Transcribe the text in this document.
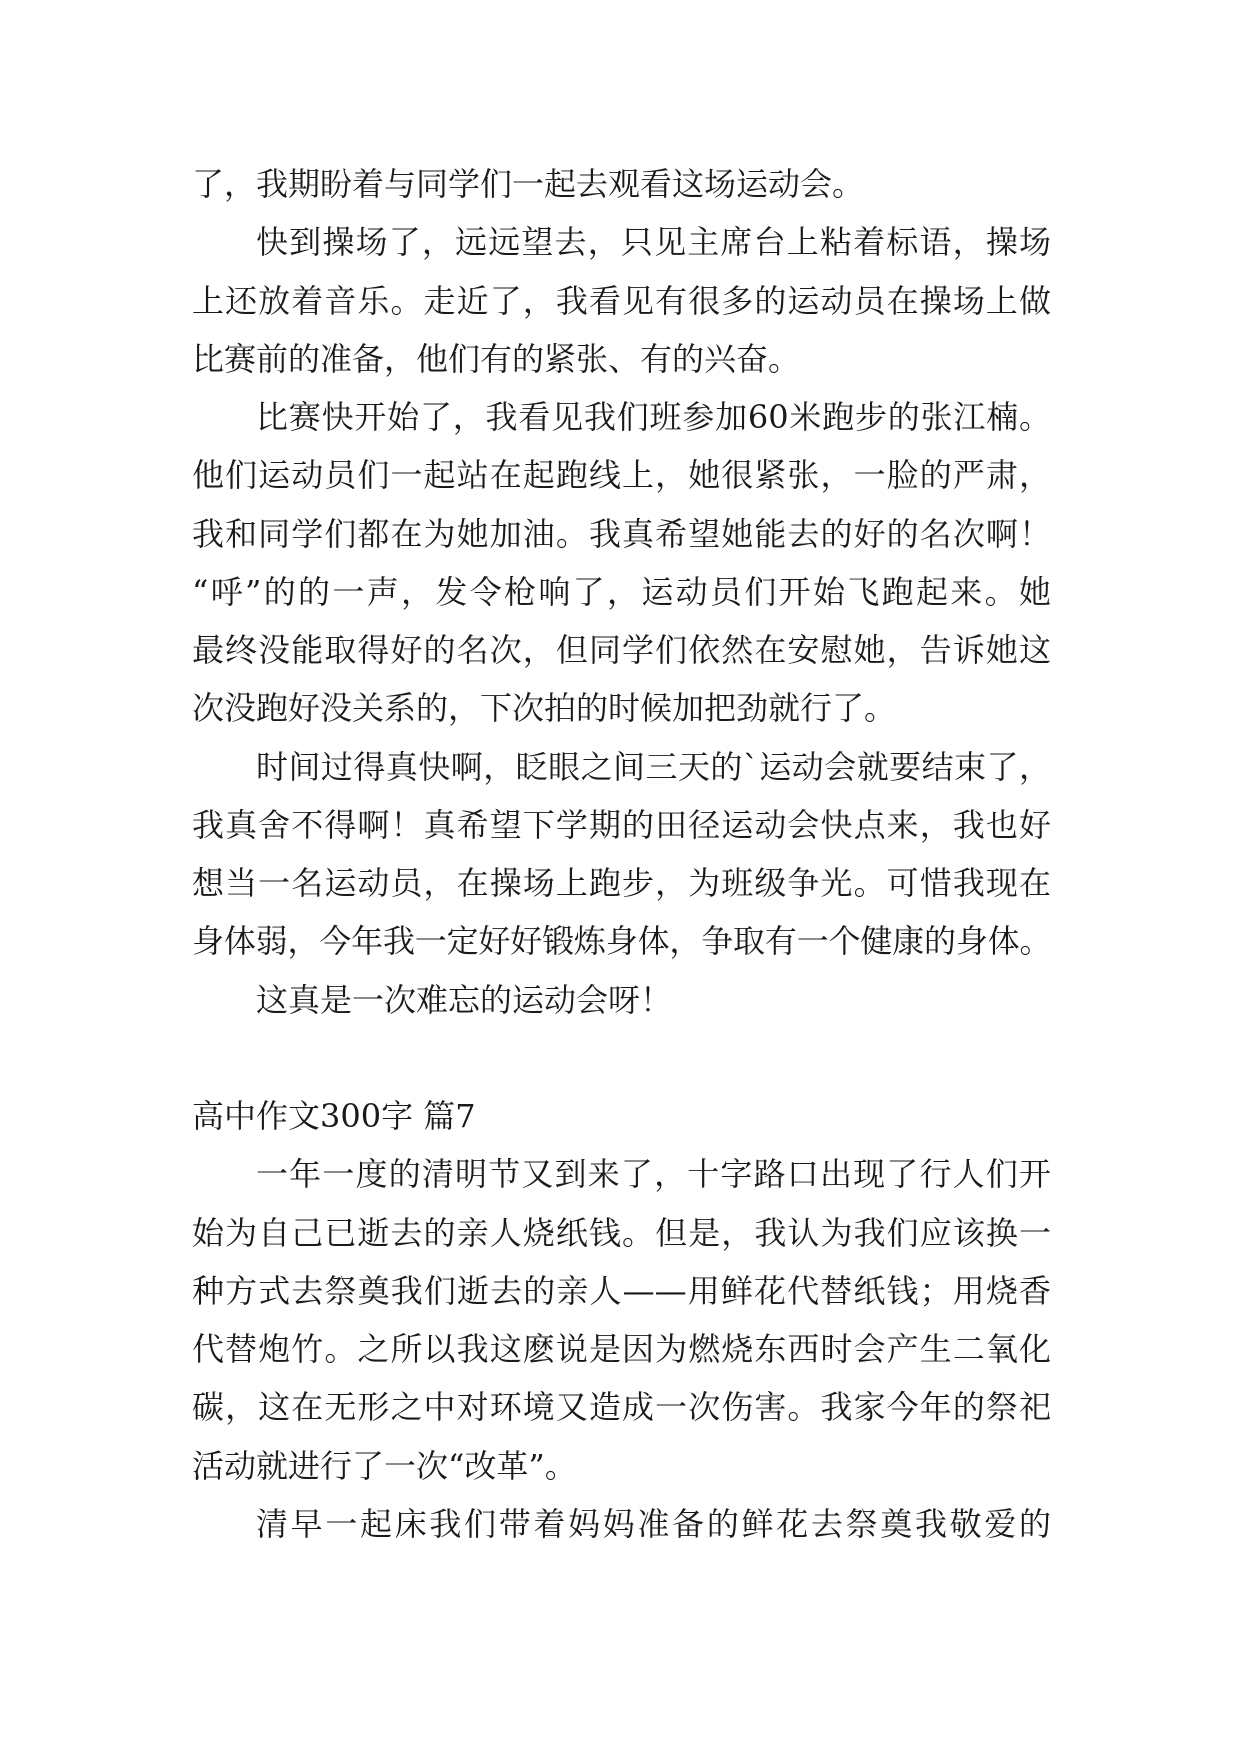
了，我期盼着与同学们一起去观看这场运动会。
快到操场了，远远望去，只见主席台上粘着标语，操场
上还放着音乐。走近了，我看见有很多的运动员在操场上做
比赛前的准备，他们有的紧张、有的兴奋。
比赛快开始了，我看见我们班参加60米跑步的张江楠。
他们运动员们一起站在起跑线上，她很紧张，一脸的严肃，
我和同学们都在为她加油。我真希望她能去的好的名次啊！
“呼”的的一声，发令枪响了，运动员们开始飞跑起来。她
最终没能取得好的名次，但同学们依然在安慰她，告诉她这
次没跑好没关系的，下次拍的时候加把劲就行了。
时间过得真快啊，眨眼之间三天的`运动会就要结束了，
我真舍不得啊！真希望下学期的田径运动会快点来，我也好
想当一名运动员，在操场上跑步，为班级争光。可惜我现在
身体弱，今年我一定好好锻炼身体，争取有一个健康的身体。
这真是一次难忘的运动会呀！
高中作文300字 篇7
一年一度的清明节又到来了，十字路口出现了行人们开
始为自己已逝去的亲人烧纸钱。但是，我认为我们应该换一
种方式去祭奠我们逝去的亲人——用鲜花代替纸钱；用烧香
代替炮竹。之所以我这麽说是因为燃烧东西时会产生二氧化
碳，这在无形之中对环境又造成一次伤害。我家今年的祭祀
活动就进行了一次“改革”。
清早一起床我们带着妈妈准备的鲜花去祭奠我敬爱的
